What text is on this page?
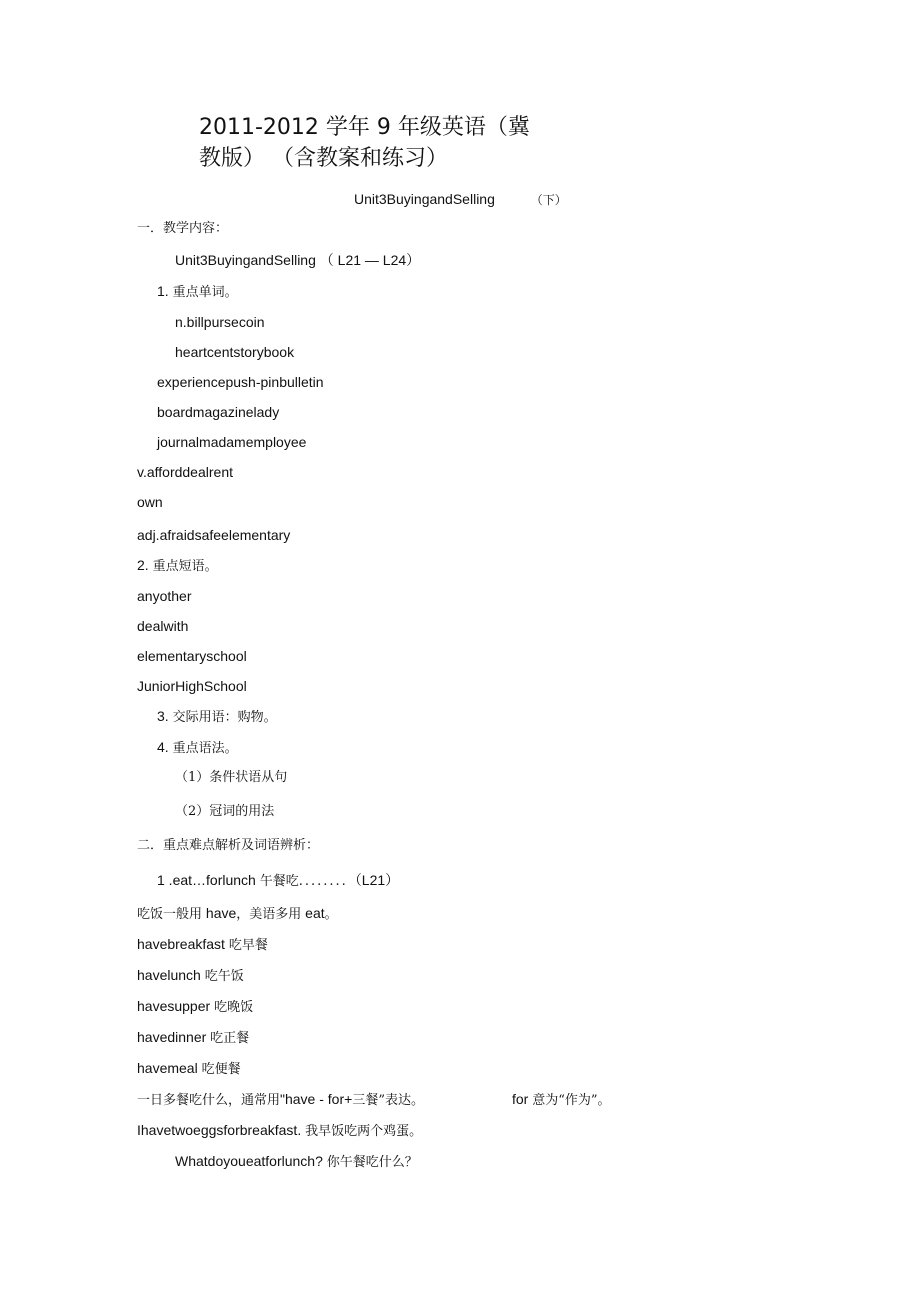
2011-2012 学年 9 年级英语（冀
教版） （含教案和练习）
Unit3BuyingandSelling	（下）
一．教学内容：
Unit3BuyingandSelling （ L21 — L24）
1. 重点单词。
n.billpursecoin
heartcentstorybook
experiencepush-pinbulletin
boardmagazinelady
journalmadamemployee
v.afforddealrent
own
adj.afraidsafeelementary
2. 重点短语。
anyother
dealwith
elementaryschool
JuniorHighSchool
3. 交际用语：购物。
4. 重点语法。
（1）条件状语从句
（2）冠词的用法
二．重点难点解析及词语辨析：
1 .eat…forlunch 午餐吃........（L21）
吃饭一般用 have，美语多用 eat。
havebreakfast 吃早餐
havelunch 吃午饭
havesupper 吃晚饭
havedinner 吃正餐
havemeal 吃便餐
一日多餐吃什么，通常用"have - for+三餐”表达。	for 意为“作为”。
Ihavetwoeggsforbreakfast. 我早饭吃两个鸡蛋。
Whatdoyoueatforlunch? 你午餐吃什么？
